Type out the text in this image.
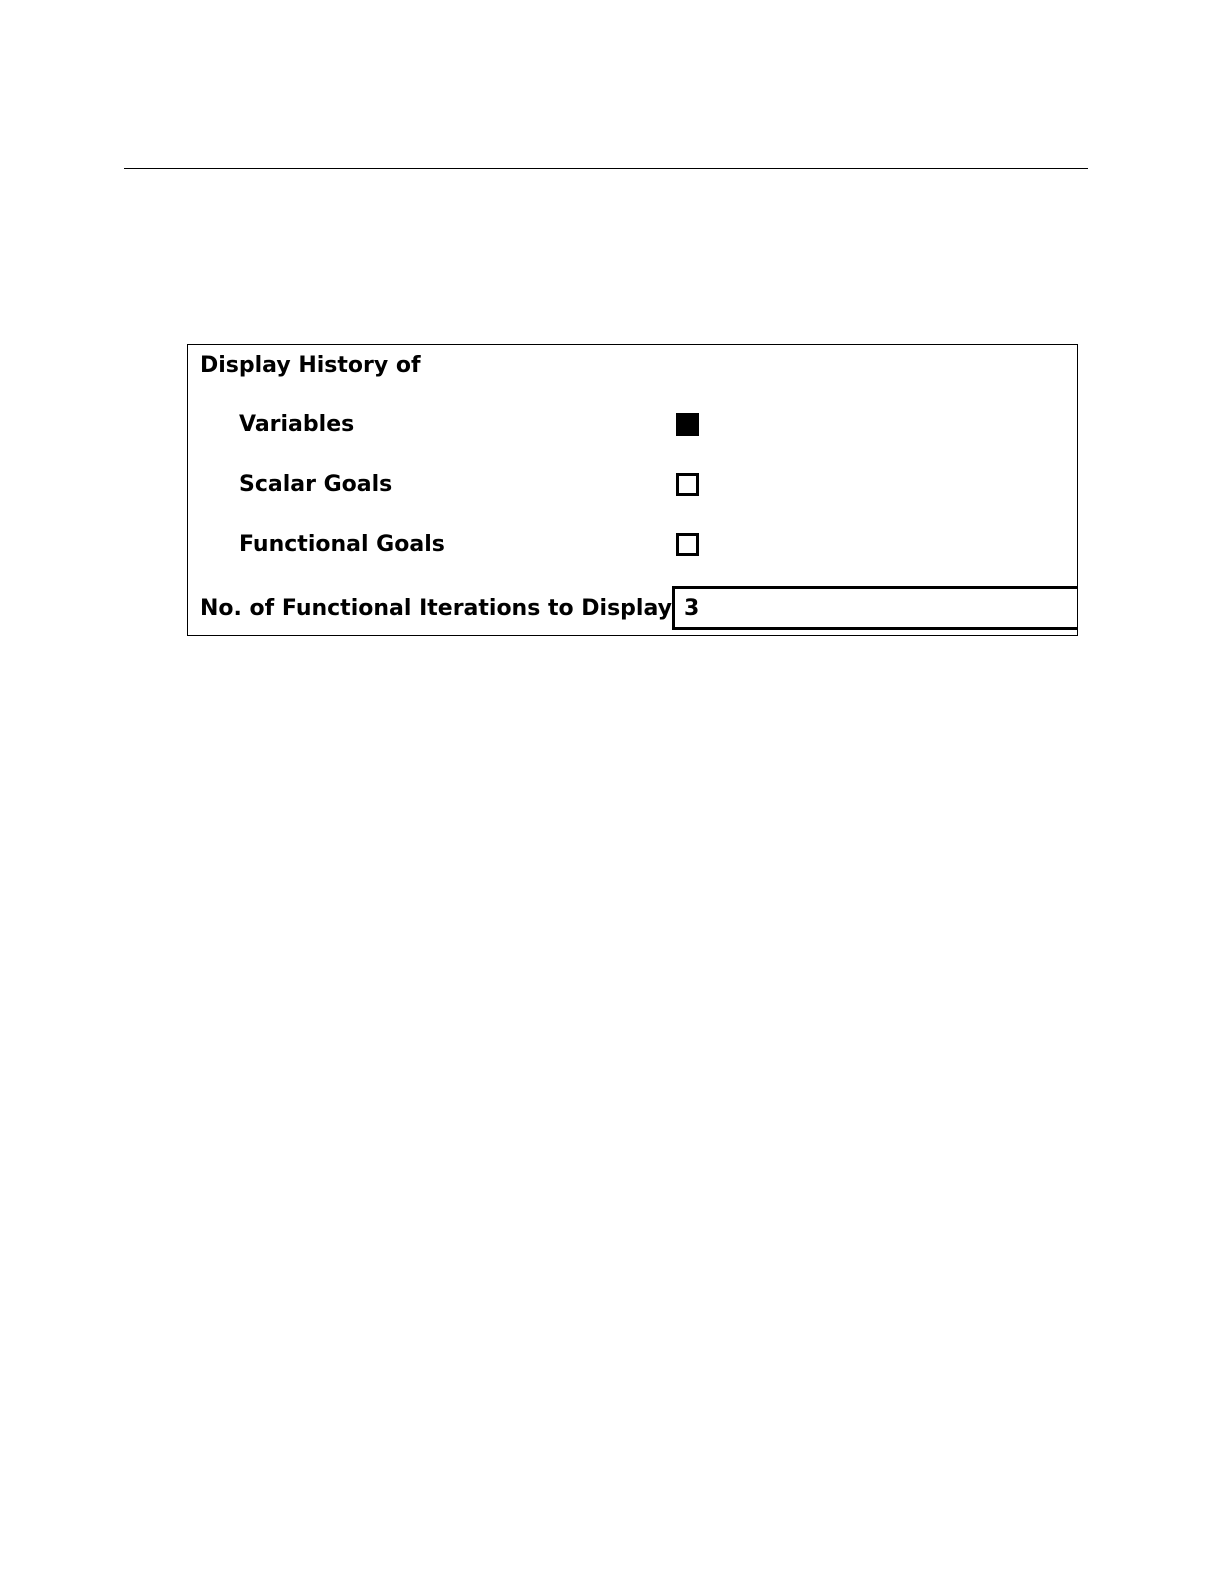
Display History of
Variables
Scalar Goals
Functional Goals
No. of Functional Iterations to Display
3
